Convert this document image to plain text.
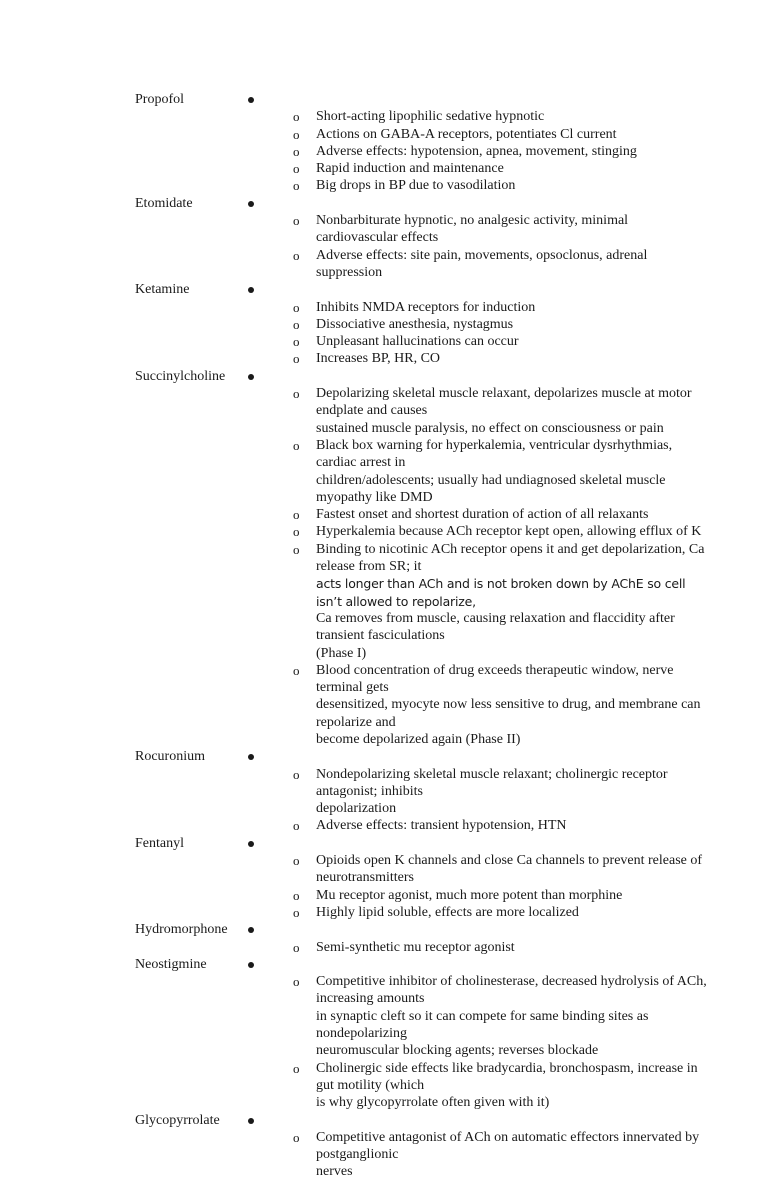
Propofol
o Short-acting lipophilic sedative hypnotic
o Actions on GABA-A receptors, potentiates Cl current
o Adverse effects: hypotension, apnea, movement, stinging
o Rapid induction and maintenance
o Big drops in BP due to vasodilation
Etomidate
o Nonbarbiturate hypnotic, no analgesic activity, minimal cardiovascular effects
o Adverse effects: site pain, movements, opsoclonus, adrenal suppression
Ketamine
o Inhibits NMDA receptors for induction
o Dissociative anesthesia, nystagmus
o Unpleasant hallucinations can occur
o Increases BP, HR, CO
Succinylcholine
o Depolarizing skeletal muscle relaxant, depolarizes muscle at motor endplate and causes
sustained muscle paralysis, no effect on consciousness or pain
o Black box warning for hyperkalemia, ventricular dysrhythmias, cardiac arrest in
children/adolescents; usually had undiagnosed skeletal muscle myopathy like DMD
o Fastest onset and shortest duration of action of all relaxants
o Hyperkalemia because ACh receptor kept open, allowing efflux of K
o Binding to nicotinic ACh receptor opens it and get depolarization, Ca release from SR; it
acts longer than ACh and is not broken down by AChE so cell isn’t allowed to repolarize,
Ca removes from muscle, causing relaxation and flaccidity after transient fasciculations
(Phase I)
o Blood concentration of drug exceeds therapeutic window, nerve terminal gets
desensitized, myocyte now less sensitive to drug, and membrane can repolarize and
become depolarized again (Phase II)
Rocuronium
o Nondepolarizing skeletal muscle relaxant; cholinergic receptor antagonist; inhibits
depolarization
o Adverse effects: transient hypotension, HTN
Fentanyl
o Opioids open K channels and close Ca channels to prevent release of neurotransmitters
o Mu receptor agonist, much more potent than morphine
o Highly lipid soluble, effects are more localized
Hydromorphone
o Semi-synthetic mu receptor agonist
Neostigmine
o Competitive inhibitor of cholinesterase, decreased hydrolysis of ACh, increasing amounts
in synaptic cleft so it can compete for same binding sites as nondepolarizing
neuromuscular blocking agents; reverses blockade
o Cholinergic side effects like bradycardia, bronchospasm, increase in gut motility (which
is why glycopyrrolate often given with it)
Glycopyrrolate
o Competitive antagonist of ACh on automatic effectors innervated by postganglionic
nerves
